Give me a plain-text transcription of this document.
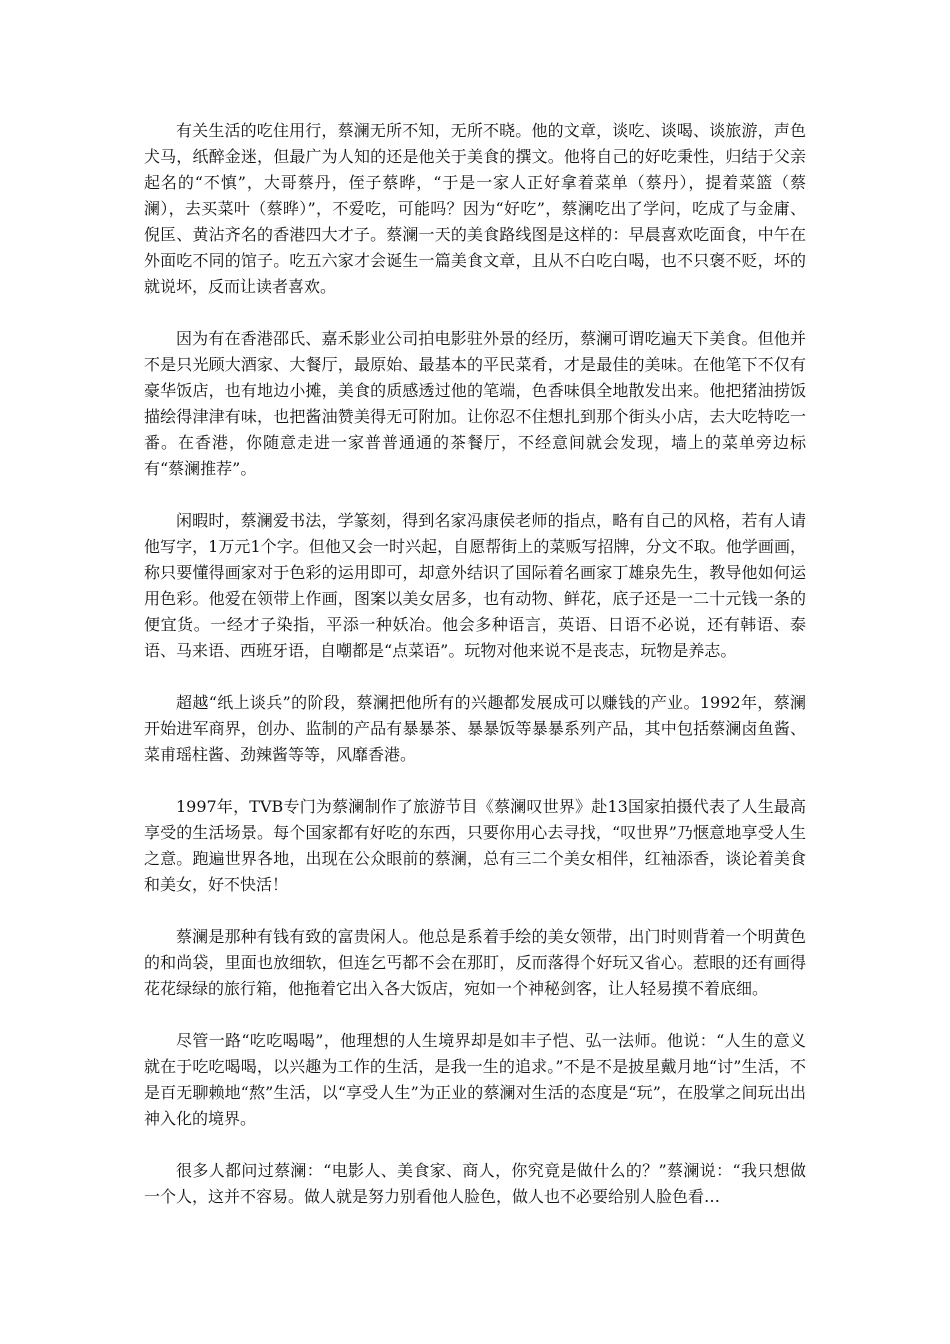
有关生活的吃住用行，蔡澜无所不知，无所不晓。他的文章，谈吃、谈喝、谈旅游，声色犬马，纸醉金迷，但最广为人知的还是他关于美食的撰文。他将自己的好吃秉性，归结于父亲起名的“不慎”，大哥蔡丹，侄子蔡晔，“于是一家人正好拿着菜单（蔡丹），提着菜篮（蔡澜），去买菜叶（蔡晔）”，不爱吃，可能吗？因为“好吃”，蔡澜吃出了学问，吃成了与金庸、倪匡、黄沾齐名的香港四大才子。蔡澜一天的美食路线图是这样的：早晨喜欢吃面食，中午在外面吃不同的馆子。吃五六家才会诞生一篇美食文章，且从不白吃白喝，也不只褒不贬，坏的就说坏，反而让读者喜欢。

因为有在香港邵氏、嘉禾影业公司拍电影驻外景的经历，蔡澜可谓吃遍天下美食。但他并不是只光顾大酒家、大餐厅，最原始、最基本的平民菜肴，才是最佳的美味。在他笔下不仅有豪华饭店，也有地边小摊，美食的质感透过他的笔端，色香味俱全地散发出来。他把猪油捞饭描绘得津津有味，也把酱油赞美得无可附加。让你忍不住想扎到那个街头小店，去大吃特吃一番。在香港，你随意走进一家普普通通的茶餐厅，不经意间就会发现，墙上的菜单旁边标有“蔡澜推荐”。

闲暇时，蔡澜爱书法，学篆刻，得到名家冯康侯老师的指点，略有自己的风格，若有人请他写字，1万元1个字。但他又会一时兴起，自愿帮街上的菜贩写招牌，分文不取。他学画画，称只要懂得画家对于色彩的运用即可，却意外结识了国际着名画家丁雄泉先生，教导他如何运用色彩。他爱在领带上作画，图案以美女居多，也有动物、鲜花，底子还是一二十元钱一条的便宜货。一经才子染指，平添一种妖冶。他会多种语言，英语、日语不必说，还有韩语、泰语、马来语、西班牙语，自嘲都是“点菜语”。玩物对他来说不是丧志，玩物是养志。

超越“纸上谈兵”的阶段，蔡澜把他所有的兴趣都发展成可以赚钱的产业。1992年，蔡澜开始进军商界，创办、监制的产品有暴暴茶、暴暴饭等暴暴系列产品，其中包括蔡澜卤鱼酱、菜甫瑶柱酱、劲辣酱等等，风靡香港。

1997年，TVB专门为蔡澜制作了旅游节目《蔡澜叹世界》赴13国家拍摄代表了人生最高享受的生活场景。每个国家都有好吃的东西，只要你用心去寻找，“叹世界”乃惬意地享受人生之意。跑遍世界各地，出现在公众眼前的蔡澜，总有三二个美女相伴，红袖添香，谈论着美食和美女，好不快活！

蔡澜是那种有钱有致的富贵闲人。他总是系着手绘的美女领带，出门时则背着一个明黄色的和尚袋，里面也放细软，但连乞丐都不会在那盯，反而落得个好玩又省心。惹眼的还有画得花花绿绿的旅行箱，他拖着它出入各大饭店，宛如一个神秘剑客，让人轻易摸不着底细。

尽管一路“吃吃喝喝”，他理想的人生境界却是如丰子恺、弘一法师。他说：“人生的意义就在于吃吃喝喝，以兴趣为工作的生活，是我一生的追求。”不是不是披星戴月地“讨”生活，不是百无聊赖地“熬”生活，以“享受人生”为正业的蔡澜对生活的态度是“玩”，在股掌之间玩出出神入化的境界。

很多人都问过蔡澜：“电影人、美食家、商人，你究竟是做什么的？”蔡澜说：“我只想做一个人，这并不容易。做人就是努力别看他人脸色，做人也不必要给别人脸色看…
